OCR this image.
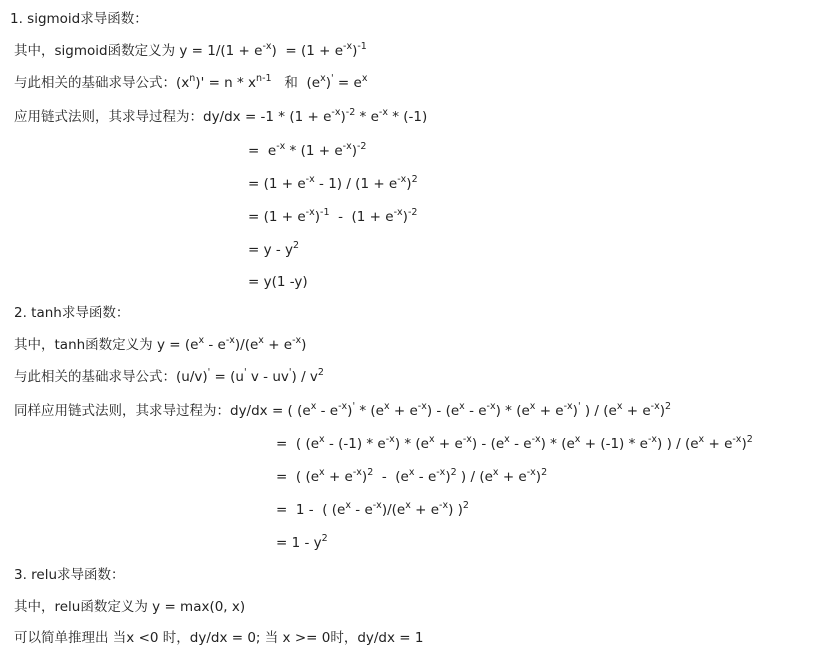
1. sigmoid求导函数：
其中，sigmoid函数定义为 $y = 1/(1 + e^{-x}) = (1 + e^{-x})^{-1}$
与此相关的基础求导公式：$(x^n)' = n * x^{n-1}$   和  $(e^x)' = e^x$
应用链式法则，其求导过程为：$dy/dx = -1 * (1 + e^{-x})^{-2} * e^{-x} * (-1)$
=  $e^{-x} * (1 + e^{-x})^{-2}$
= $(1 + e^{-x} - 1) / (1 + e^{-x})^2$
= $(1 + e^{-x})^{-1} - (1 + e^{-x})^{-2}$
= y - $y^2$
= y(1 -y)
2. tanh求导函数：
其中，tanh函数定义为 $y = (e^x - e^{-x})/(e^x + e^{-x})$
与此相关的基础求导公式：(u/v)' = (u' v - $uv') / v^2$
同样应用链式法则，其求导过程为：dy/dx = ( $(e^x - e^{-x})' * (e^x + e^{-x}) - (e^x - e^{-x}) * (e^x + e^{-x})'$ ) / $(e^x + e^{-x})^2$
=  ( $(e^x - (-1) * e^{-x}) * (e^x + e^{-x}) - (e^x - e^{-x}) * (e^x + (-1) * e^{-x})$ ) / $(e^x + e^{-x})^2$
=  ( $(e^x + e^{-x})^2 - (e^x - e^{-x})^2$ ) / $(e^x + e^{-x})^2$
=  1 -  ( $(e^x - e^{-x})/(e^x + e^{-x})$ )$^2$
= $1 - y^2$
3. relu求导函数：
其中，relu函数定义为 y = max(0, x)
可以简单推理出 当x <0 时，dy/dx = 0; 当 x >= 0时，dy/dx = 1
